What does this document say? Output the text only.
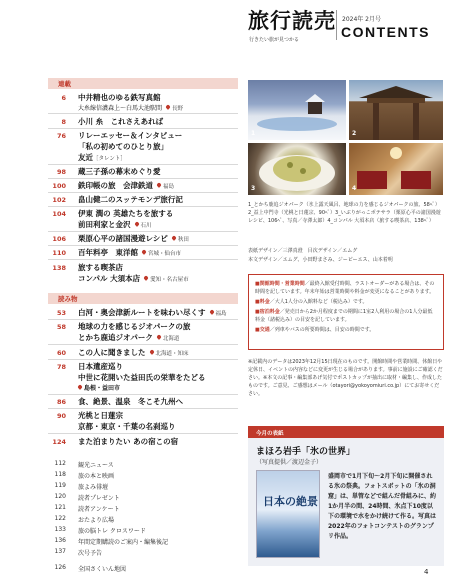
旅行読売
行きたい旅が見つかる
2024年 2月号
CONTENTS
連載
6 中井精也のゆる鉄写真館
大糸線信濃森上～白馬大池駅間 長野
8 小川 糸　これさえあれば
76 リレーエッセー＆インタビュー
「私の初めてのひとり旅」
友近［タレント］
98 蔵三子孫の幕末めぐり愛
100 鉄印帳の旅　会津鉄道 福島
102 畠山健二のスッテモンデ旅行記
104 伊東 潤の 英雄たちを旅する
前田利家と金沢 石川
106 栗原心平の諸国漫遊レシピ 秋田
110 百年料亭　東洋館 宮城・仙台市
138 旅する喫茶店
コンパル 大須本店 愛知・名古屋市
読み物
53 白河・奥会津新ルートを味わい尽くす 福島
58 地球の力を感じるジオパークの旅
とかち鹿追ジオパーク 北海道
60 この人に聞きました 北海道・知床
78 日本遺産巡り
中世に花開いた益田氏の栄華をたどる
島根・益田市
86 食、絶景、温泉　冬こそ九州へ
90 光桃と日蓮宗
京都・東京・千葉の名刹巡り
124 また泊まりたい あの宿この宿
112 観光ニュース
118 旅の本と映画
119 旅よみ俳壇
120 読者プレゼント
121 読者アンケート
122 おたより広場
133 旅の脳トレ クロスワード
136 年間定期購読のご案内・編集後記
137 次号予告
126 全国さくいん地図
1	2
3	4
1_とかち鹿追ジオパーク（氷上露天風呂、地球の力を感じるジオパークの旅、58ﾍﾟ）2_益上中門寺（光桃と日蓮宗、90ﾍﾟ）3_いぶりがっこポテサラ（栗原心平の諸国漫遊レシピ、106ﾍﾟ、写真／寺澤太郎）4_コンパル 大須本店（旅する喫茶店、138ﾍﾟ）
表紙デザイン／三澤真澄　目次デザイン／エムグ
本文デザイン／エムグ、小田野まさみ、ジーピーエス、山本着明
■関館時間・営業時間／最終入館受付時間、ラストオーダーがある場合は、その時間を記しています。年末年始は営業時間や料金が変更になることがあります。
■料金／大人1人分の入館料など（税込み）です。
■宿泊料金／発売日から2か月程度までの期間に1室2人利用の場合の1人分最低料金（諸税込み）の目安を記しています。
■交通／列車やバスの所要時間は、目安の時間です。
※記載内のデータは2023年12月15日現在のものです。開館時間や営業時間、休館日や定休日、イベントの内容などに変更が生じる場合があります。事前に施設にご確認ください。※本文の記事・編集部あげ気付でポストカップが抽出に取材・編集し、作成したものです。ご意見、ご感想はメール（otayori@yokoyomiuri.co.jp）にてお寄せください。
今月の表紙
まほろ岩手「氷の世界」
（写真提供／渡辺金子）
日本の絶景
盛岡市で1月下旬～2月下旬に開催される氷の祭典。フォトスポットの「氷の洞窟」は、単管などで組んだ骨組みに、約1か月半の間、24時間、氷点下10度以下の環境で水をかけ続けて作る。写真は2022年のフォトコンテストのグランプリ作品。
4
